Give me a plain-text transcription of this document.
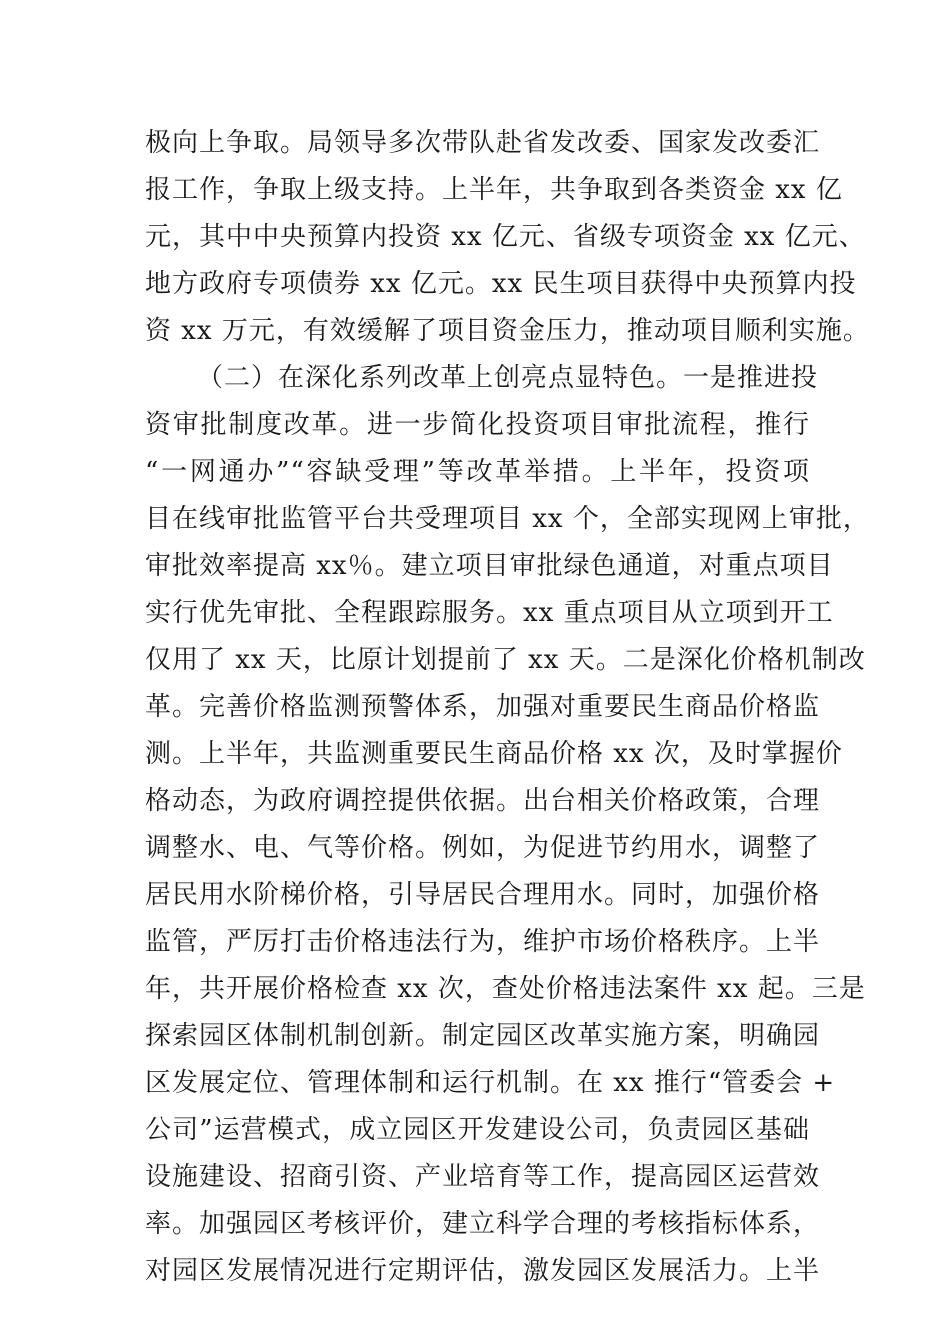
极向上争取。局领导多次带队赴省发改委、国家发改委汇
报工作，争取上级支持。上半年，共争取到各类资金 xx 亿
元，其中中央预算内投资 xx 亿元、省级专项资金 xx 亿元、
地方政府专项债券 xx 亿元。xx 民生项目获得中央预算内投
资 xx 万元，有效缓解了项目资金压力，推动项目顺利实施。
（二）在深化系列改革上创亮点显特色。一是推进投
资审批制度改革。进一步简化投资项目审批流程，推行
“一网通办”“容缺受理”等改革举措。上半年，投资项
目在线审批监管平台共受理项目 xx 个，全部实现网上审批，
审批效率提高 xx％。建立项目审批绿色通道，对重点项目
实行优先审批、全程跟踪服务。xx 重点项目从立项到开工
仅用了 xx 天，比原计划提前了 xx 天。二是深化价格机制改
革。完善价格监测预警体系，加强对重要民生商品价格监
测。上半年，共监测重要民生商品价格 xx 次，及时掌握价
格动态，为政府调控提供依据。出台相关价格政策，合理
调整水、电、气等价格。例如，为促进节约用水，调整了
居民用水阶梯价格，引导居民合理用水。同时，加强价格
监管，严厉打击价格违法行为，维护市场价格秩序。上半
年，共开展价格检查 xx 次，查处价格违法案件 xx 起。三是
探索园区体制机制创新。制定园区改革实施方案，明确园
区发展定位、管理体制和运行机制。在 xx 推行“管委会 +
公司”运营模式，成立园区开发建设公司，负责园区基础
设施建设、招商引资、产业培育等工作，提高园区运营效
率。加强园区考核评价，建立科学合理的考核指标体系，
对园区发展情况进行定期评估，激发园区发展活力。上半
